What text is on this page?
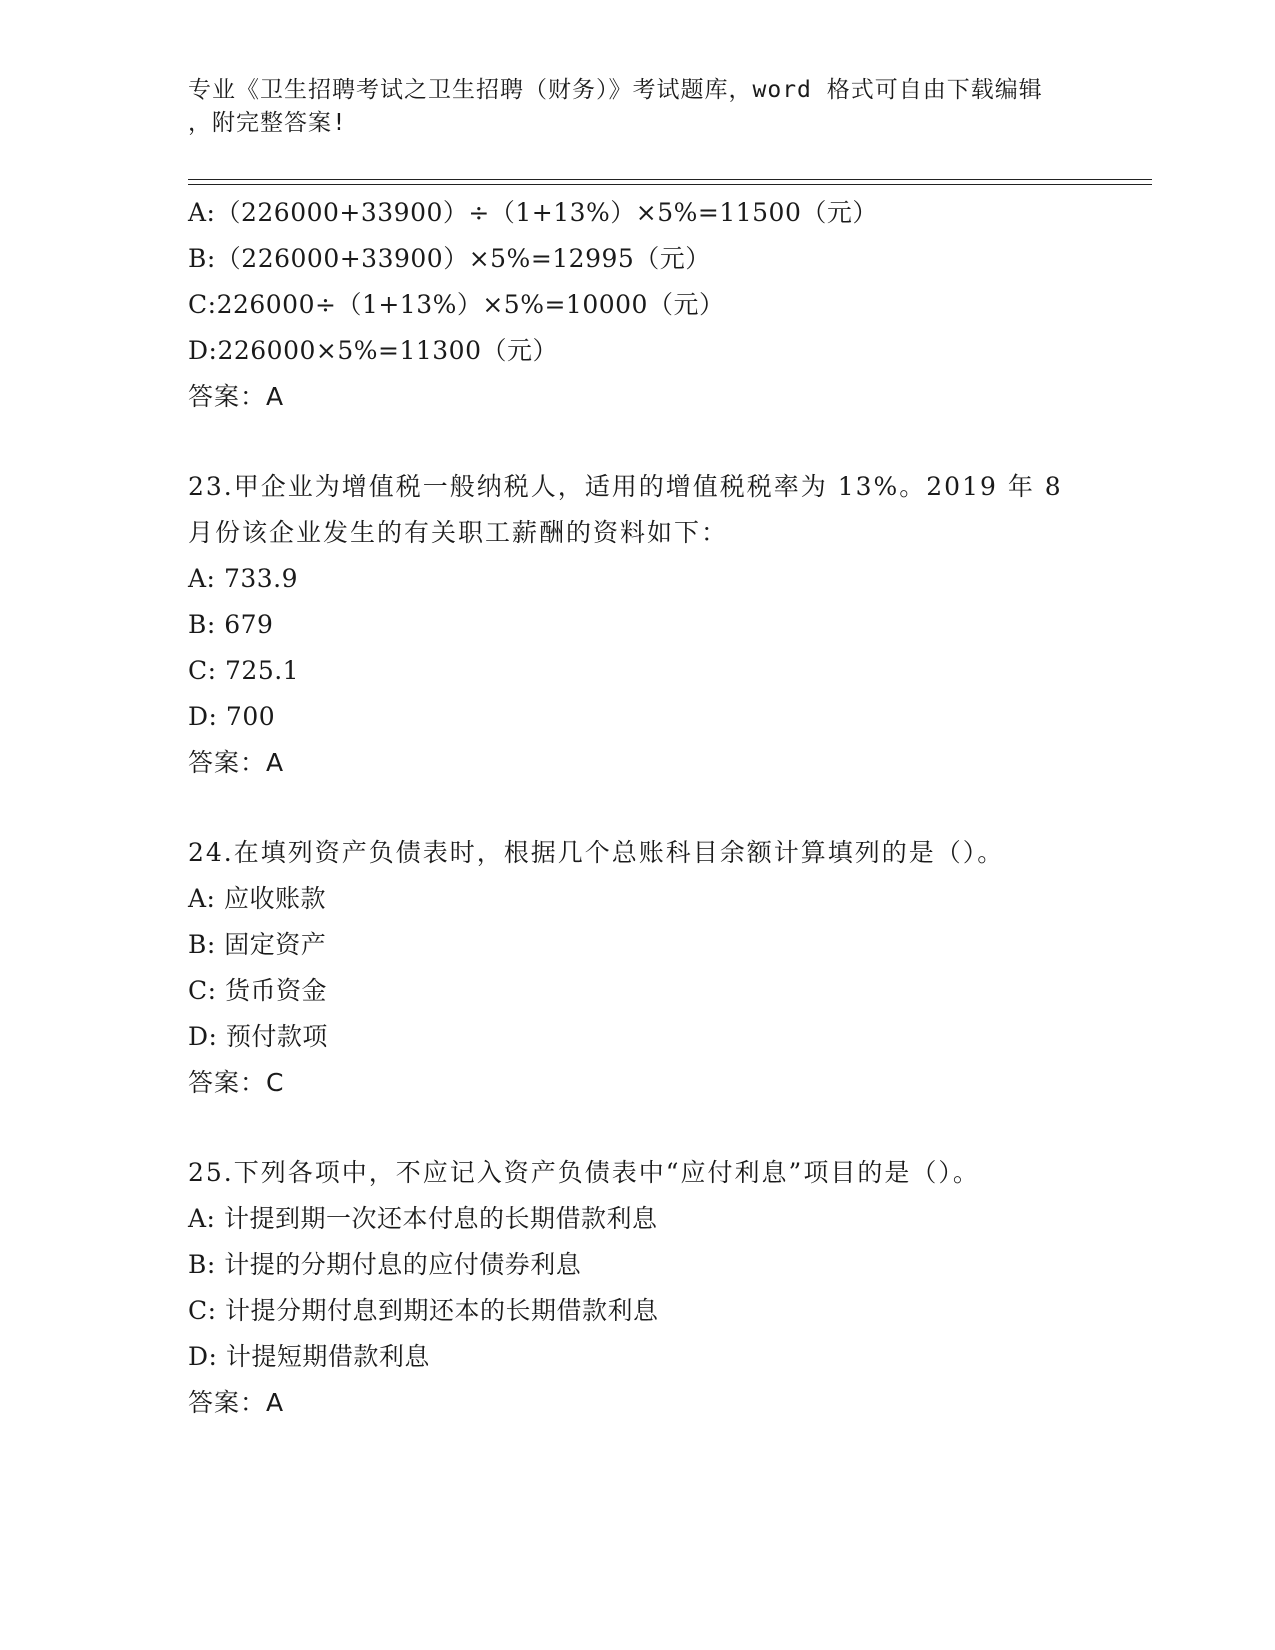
专业《卫生招聘考试之卫生招聘（财务）》考试题库，word 格式可自由下载编辑
，附完整答案!
A:（226000+33900）÷（1+13%）×5%=11500（元）
B:（226000+33900）×5%=12995（元）
C:226000÷（1+13%）×5%=10000（元）
D:226000×5%=11300（元）
答案：A
23.甲企业为增值税一般纳税人，适用的增值税税率为 13%。2019 年 8
月份该企业发生的有关职工薪酬的资料如下：
A: 733.9
B: 679
C: 725.1
D: 700
答案：A
24.在填列资产负债表时，根据几个总账科目余额计算填列的是（）。
A: 应收账款
B: 固定资产
C: 货币资金
D: 预付款项
答案：C
25.下列各项中，不应记入资产负债表中“应付利息”项目的是（）。
A: 计提到期一次还本付息的长期借款利息
B: 计提的分期付息的应付债券利息
C: 计提分期付息到期还本的长期借款利息
D: 计提短期借款利息
答案：A
